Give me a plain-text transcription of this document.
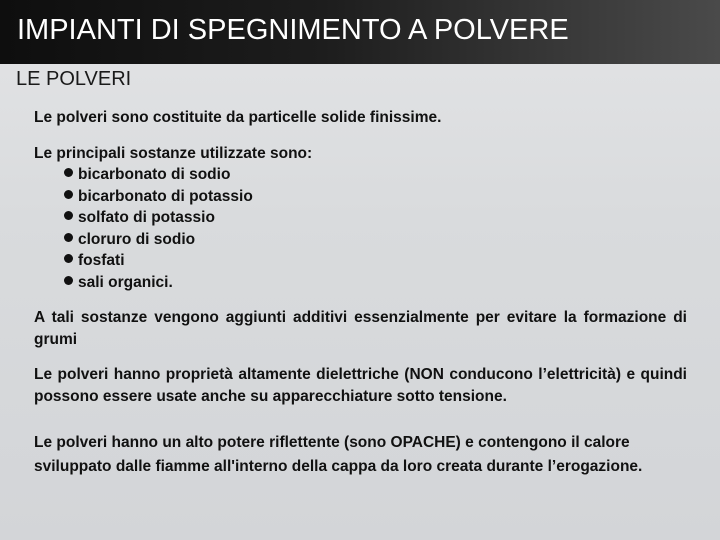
IMPIANTI DI SPEGNIMENTO A POLVERE
LE POLVERI

Le polveri sono costituite da particelle solide finissime.

Le principali sostanze utilizzate sono:

bicarbonato di sodio
bicarbonato di potassio
solfato di potassio
cloruro di sodio
fosfati
sali organici.

A tali sostanze vengono aggiunti additivi essenzialmente per evitare la formazione di grumi

Le polveri hanno proprietà altamente dielettriche (NON conducono l’elettricità) e quindi possono essere usate anche su apparecchiature sotto tensione.

Le polveri hanno un alto potere riflettente (sono OPACHE) e contengono il calore sviluppato dalle fiamme all'interno della cappa da loro creata durante l’erogazione.
